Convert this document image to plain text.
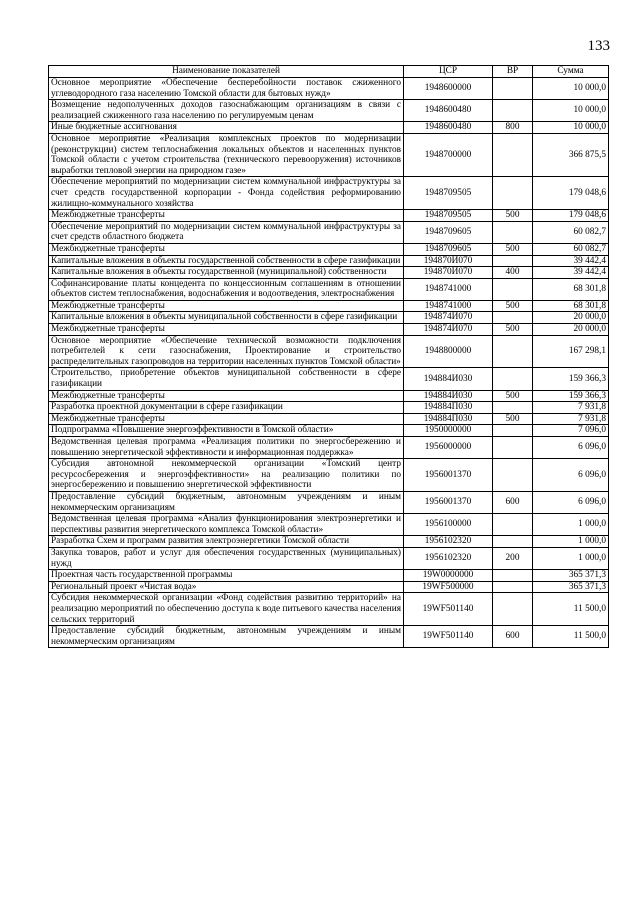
133
Наименование показателей	ЦСР	ВР	Сумма
Основное мероприятие «Обеспечение бесперебойности поставок сжиженного углеводородного газа населению Томской области для бытовых нужд»	1948600000		10 000,0
Возмещение недополученных доходов газоснабжающим организациям в связи с реализацией сжиженного газа населению по регулируемым ценам	1948600480		10 000,0
Иные бюджетные ассигнования	1948600480	800	10 000,0
Основное мероприятие «Реализация комплексных проектов по модернизации (реконструкции) систем теплоснабжения локальных объектов и населенных пунктов Томской области с учетом строительства (технического перевооружения) источников выработки тепловой энергии на природном газе»	1948700000		366 875,5
Обеспечение мероприятий по модернизации систем коммунальной инфраструктуры за счет средств государственной корпорации - Фонда содействия реформированию жилищно-коммунального хозяйства	1948709505		179 048,6
Межбюджетные трансферты	1948709505	500	179 048,6
Обеспечение мероприятий по модернизации систем коммунальной инфраструктуры за счет средств областного бюджета	1948709605		60 082,7
Межбюджетные трансферты	1948709605	500	60 082,7
Капитальные вложения в объекты государственной собственности в сфере газификации	194870И070		39 442,4
Капитальные вложения в объекты государственной (муниципальной) собственности	194870И070	400	39 442,4
Софинансирование платы концедента по концессионным соглашениям в отношении объектов систем теплоснабжения, водоснабжения и водоотведения, электроснабжения	1948741000		68 301,8
Межбюджетные трансферты	1948741000	500	68 301,8
Капитальные вложения в объекты муниципальной собственности в сфере газификации	194874И070		20 000,0
Межбюджетные трансферты	194874И070	500	20 000,0
Основное мероприятие «Обеспечение технической возможности подключения потребителей к сети газоснабжения, Проектирование и строительство распределительных газопроводов на территории населенных пунктов Томской области»	1948800000		167 298,1
Строительство, приобретение объектов муниципальной собственности в сфере газификации	194884И030		159 366,3
Межбюджетные трансферты	194884И030	500	159 366,3
Разработка проектной документации в сфере газификации	194884П030		7 931,8
Межбюджетные трансферты	194884П030	500	7 931,8
Подпрограмма «Повышение энергоэффективности в Томской области»	1950000000		7 096,0
Ведомственная целевая программа «Реализация политики по энергосбережению и повышению энергетической эффективности и информационная поддержка»	1956000000		6 096,0
Субсидия автономной некоммерческой организации «Томский центр ресурсосбережения и энергоэффективности» на реализацию политики по энергосбережению и повышению энергетической эффективности	1956001370		6 096,0
Предоставление субсидий бюджетным, автономным учреждениям и иным некоммерческим организациям	1956001370	600	6 096,0
Ведомственная целевая программа «Анализ функционирования электроэнергетики и перспективы развития энергетического комплекса Томской области»	1956100000		1 000,0
Разработка Схем и программ развития электроэнергетики Томской области	1956102320		1 000,0
Закупка товаров, работ и услуг для обеспечения государственных (муниципальных) нужд	1956102320	200	1 000,0
Проектная часть государственной программы	19W0000000		365 371,3
Региональный проект «Чистая вода»	19WF500000		365 371,3
Субсидия некоммерческой организации «Фонд содействия развитию территорий» на реализацию мероприятий по обеспечению доступа к воде питьевого качества населения сельских территорий	19WF501140		11 500,0
Предоставление субсидий бюджетным, автономным учреждениям и иным некоммерческим организациям	19WF501140	600	11 500,0
